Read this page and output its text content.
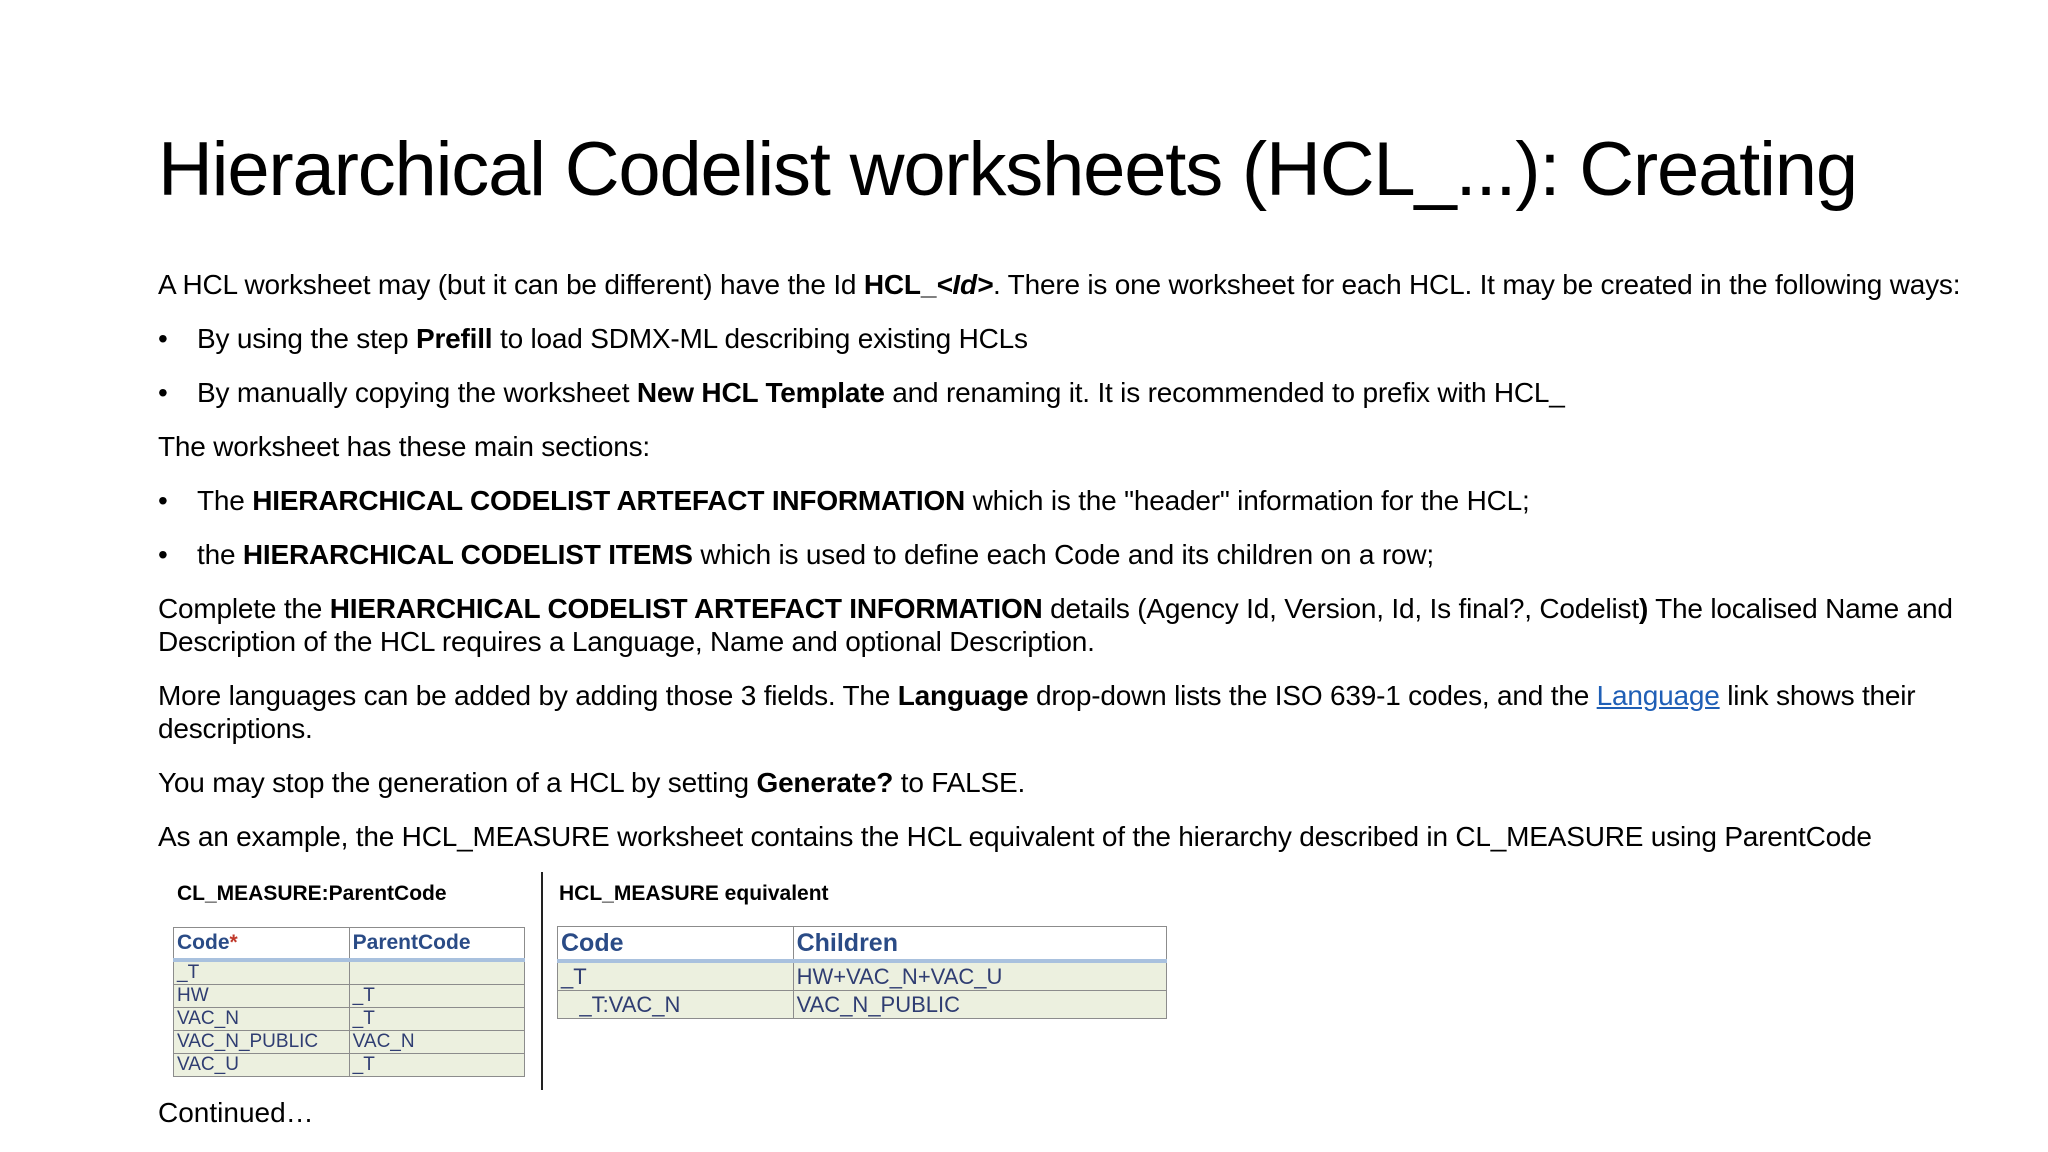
Hierarchical Codelist worksheets (HCL_...): Creating

A HCL worksheet may (but it can be different) have the Id HCL_<Id>. There is one worksheet for each HCL. It may be created in the following ways:

• By using the step Prefill to load SDMX-ML describing existing HCLs

• By manually copying the worksheet New HCL Template and renaming it. It is recommended to prefix with HCL_

The worksheet has these main sections:

• The HIERARCHICAL CODELIST ARTEFACT INFORMATION which is the "header" information for the HCL;

• the HIERARCHICAL CODELIST ITEMS which is used to define each Code and its children on a row;

Complete the HIERARCHICAL CODELIST ARTEFACT INFORMATION details (Agency Id, Version, Id, Is final?, Codelist) The localised Name and Description of the HCL requires a Language, Name and optional Description.

More languages can be added by adding those 3 fields. The Language drop-down lists the ISO 639-1 codes, and the Language link shows their descriptions.

You may stop the generation of a HCL by setting Generate? to FALSE.

As an example, the HCL_MEASURE worksheet contains the HCL equivalent of the hierarchy described in CL_MEASURE using ParentCode

CL_MEASURE:ParentCode	HCL_MEASURE equivalent
Code*	ParentCode
_T	
HW	_T
VAC_N	_T
VAC_N_PUBLIC	VAC_N
VAC_U	_T
Code	Children
_T	HW+VAC_N+VAC_U
_T:VAC_N	VAC_N_PUBLIC
Continued…
